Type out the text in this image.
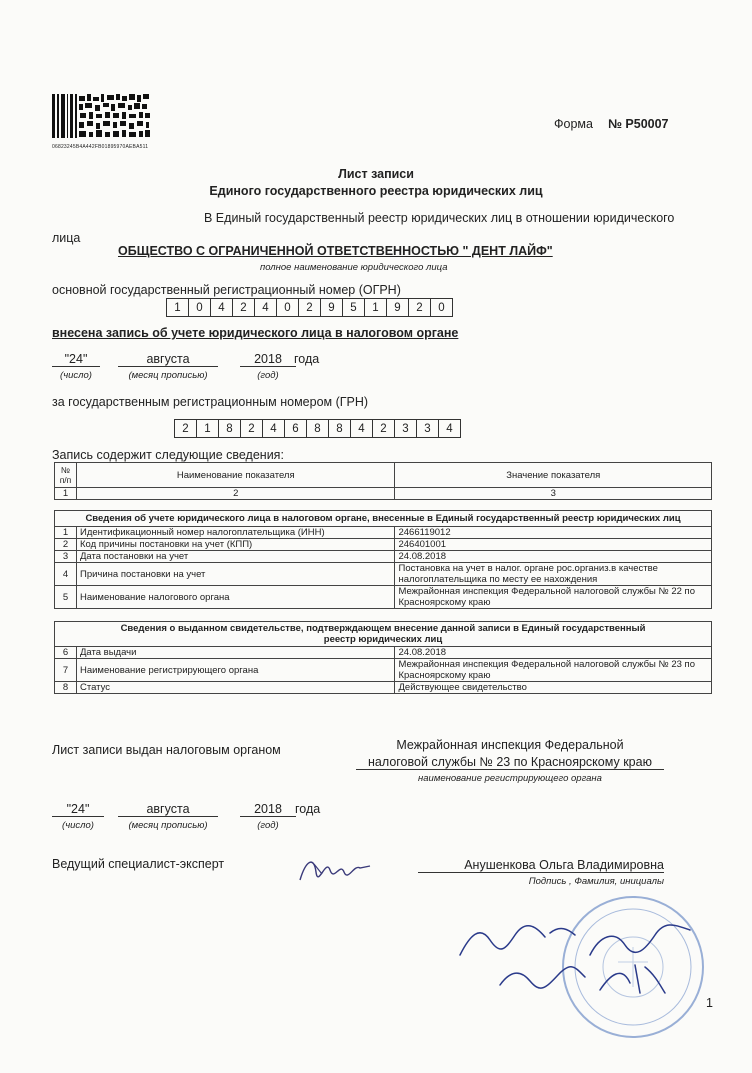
06823245B4A442FB01895970AEBA511
Форма № Р50007
Лист записи
Единого государственного реестра юридических лиц
В Единый государственный реестр юридических лиц в отношении юридического
лица
ОБЩЕСТВО С ОГРАНИЧЕННОЙ ОТВЕТСТВЕННОСТЬЮ " ДЕНТ ЛАЙФ"
полное наименование юридического лица
основной государственный регистрационный номер (ОГРН)
1	0	4	2	4	0	2	9	5	1	9	2	0
внесена запись об учете юридического лица в налоговом органе
"24"	августа	2018 года
(число)	(месяц прописью)	(год)
за государственным регистрационным номером (ГРН)
2	1	8	2	4	6	8	8	4	2	3	3	4
Запись содержит следующие сведения:
№ п/п	Наименование показателя	Значение показателя
1	2	3

Сведения об учете юридического лица в налоговом органе, внесенные в Единый государственный реестр юридических лиц		
1	Идентификационный номер налогоплательщика (ИНН)	2466119012
2	Код причины постановки на учет (КПП)	246401001
3	Дата постановки на учет	24.08.2018
4	Причина постановки на учет	Постановка на учет в налог. органе рос.организ.в качестве налогоплательщика по месту ее нахождения
5	Наименование налогового органа	Межрайонная инспекция Федеральной налоговой службы № 22 по Красноярскому краю

Сведения о выданном свидетельстве, подтверждающем внесение данной записи в Единый государственный реестр юридических лиц		
6	Дата выдачи	24.08.2018
7	Наименование регистрирующего органа	Межрайонная инспекция Федеральной налоговой службы № 23 по Красноярскому краю
8	Статус	Действующее свидетельство
Лист записи выдан налоговым органом	Межрайонная инспекция Федеральной
налоговой службы № 23 по Красноярскому краю
наименование регистрирующего органа
"24"	августа	2018	года
(число)	(месяц прописью)	(год)
Ведущий специалист-эксперт	Анушенкова Ольга Владимировна
Подпись , Фамилия, инициалы
1
